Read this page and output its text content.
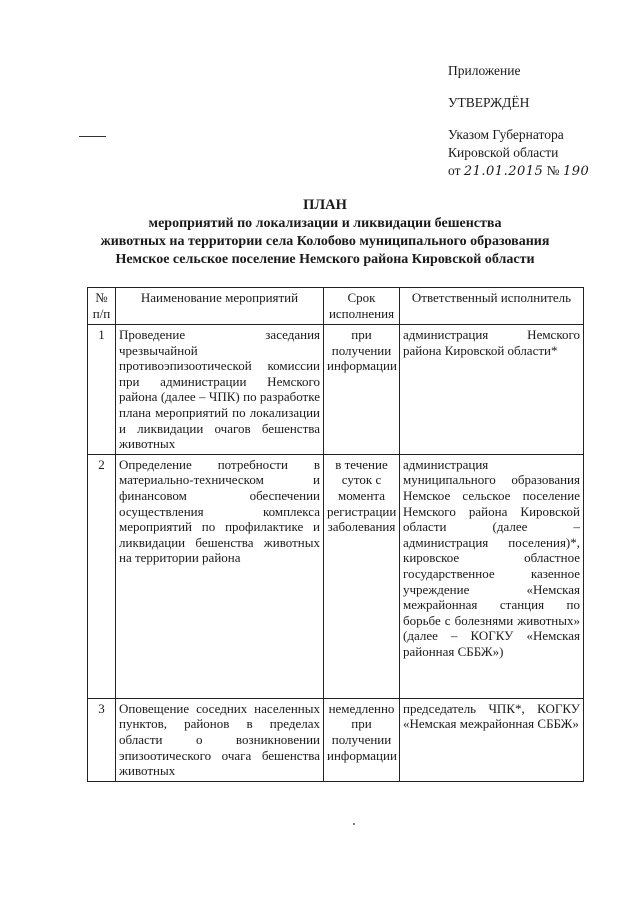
Приложение
УТВЕРЖДЁН
Указом Губернатора
Кировской области
от 21.01.2015 № 190
ПЛАН
мероприятий по локализации и ликвидации бешенства
животных на территории села Колобово муниципального образования
Немское сельское поселение Немского района Кировской области
№ п/п	Наименование мероприятий	Срок исполнения	Ответственный исполнитель
1	Проведение заседания чрезвычайной противоэпизоотической комиссии при администрации Немского района (далее – ЧПК) по разработке плана мероприятий по локализации и ликвидации очагов бешенства животных	при получении информации	администрация Немского района Кировской области*
2	Определение потребности в материально-техническом и финансовом обеспечении осуществления комплекса мероприятий по профилактике и ликвидации бешенства животных на территории района	в течение суток с момента регистрации заболевания	администрация муниципального образования Немское сельское поселение Немского района Кировской области (далее – администрация поселения)*, кировское областное государственное казенное учреждение «Немская межрайонная станция по борьбе с болезнями животных» (далее – КОГКУ «Немская районная СББЖ»)
3	Оповещение соседних населенных пунктов, районов в пределах области о возникновении эпизоотического очага бешенства животных	немедленно при получении информации	председатель ЧПК*, КОГКУ «Немская межрайонная СББЖ»
